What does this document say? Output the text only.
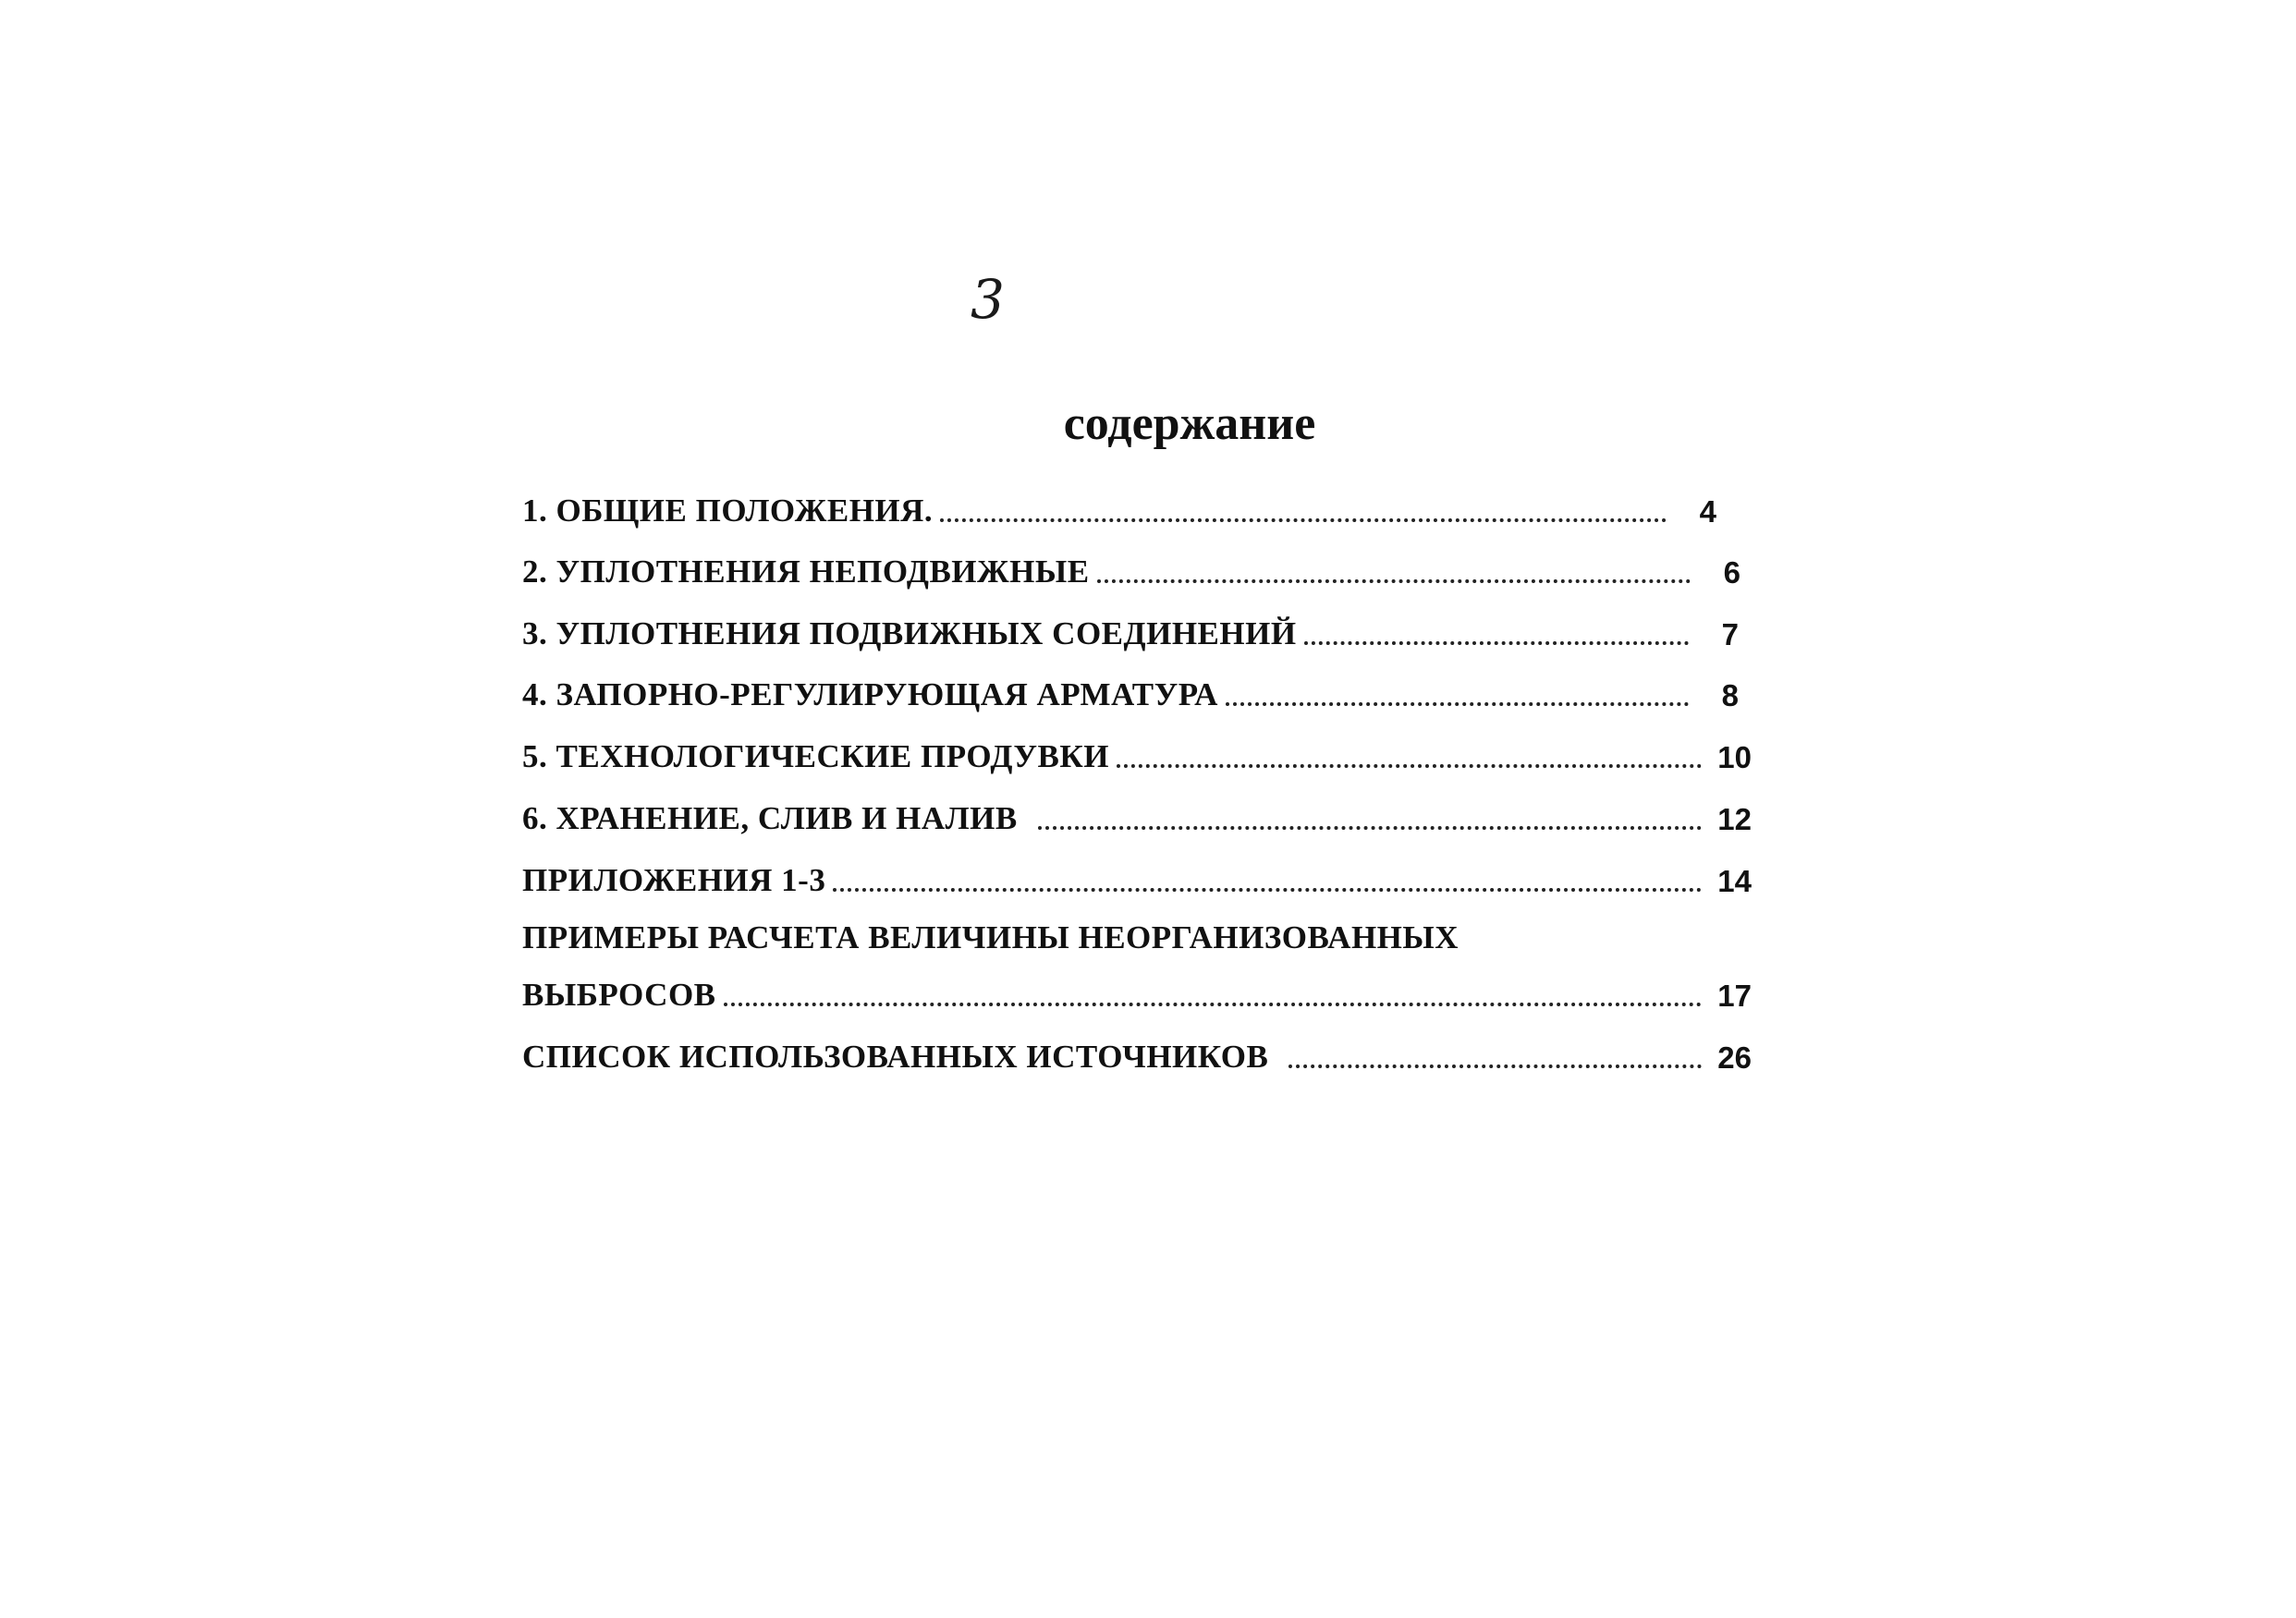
3
содержание
1. ОБЩИЕ ПОЛОЖЕНИЯ.	4
2. УПЛОТНЕНИЯ НЕПОДВИЖНЫЕ	6
3. УПЛОТНЕНИЯ ПОДВИЖНЫХ СОЕДИНЕНИЙ	7
4. ЗАПОРНО-РЕГУЛИРУЮЩАЯ АРМАТУРА	8
5. ТЕХНОЛОГИЧЕСКИЕ ПРОДУВКИ	10
6. ХРАНЕНИЕ, СЛИВ И НАЛИВ	12
ПРИЛОЖЕНИЯ 1-3	14
ПРИМЕРЫ РАСЧЕТА ВЕЛИЧИНЫ НЕОРГАНИЗОВАННЫХ
ВЫБРОСОВ	17
СПИСОК ИСПОЛЬЗОВАННЫХ ИСТОЧНИКОВ	26
